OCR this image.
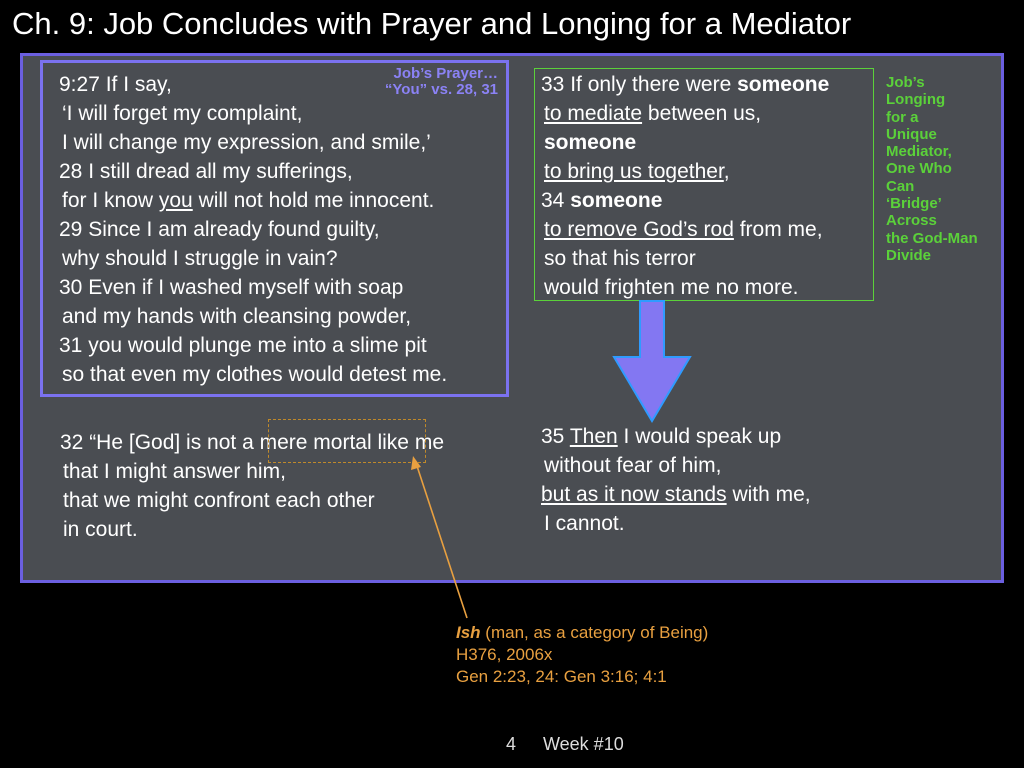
Ch. 9: Job Concludes with Prayer and Longing for a Mediator
9:27 If I say,
‘I will forget my complaint,
I will change my expression, and smile,’
28 I still dread all my sufferings,
for I know you will not hold me innocent.
29 Since I am already found guilty,
why should I struggle in vain?
30 Even if I washed myself with soap
and my hands with cleansing powder,
31 you would plunge me into a slime pit
so that even my clothes would detest me.
Job’s Prayer…
“You” vs. 28, 31 33 If only there were someone
to mediate between us,
someone
to bring us together,
34 someone
to remove God’s rod from me,
so that his terror
would frighten me no more.
Job’s
Longing
for a
Unique
Mediator,
One Who
Can
‘Bridge’
Across
the God-Man
Divide
32 “He [God] is not a mere mortal like me
that I might answer him,
that we might confront each other
in court.
35 Then I would speak up
without fear of him,
but as it now stands with me,
I cannot.
Ish (man, as a category of Being)
H376, 2006x
Gen 2:23, 24: Gen 3:16; 4:1
4 Week #10
